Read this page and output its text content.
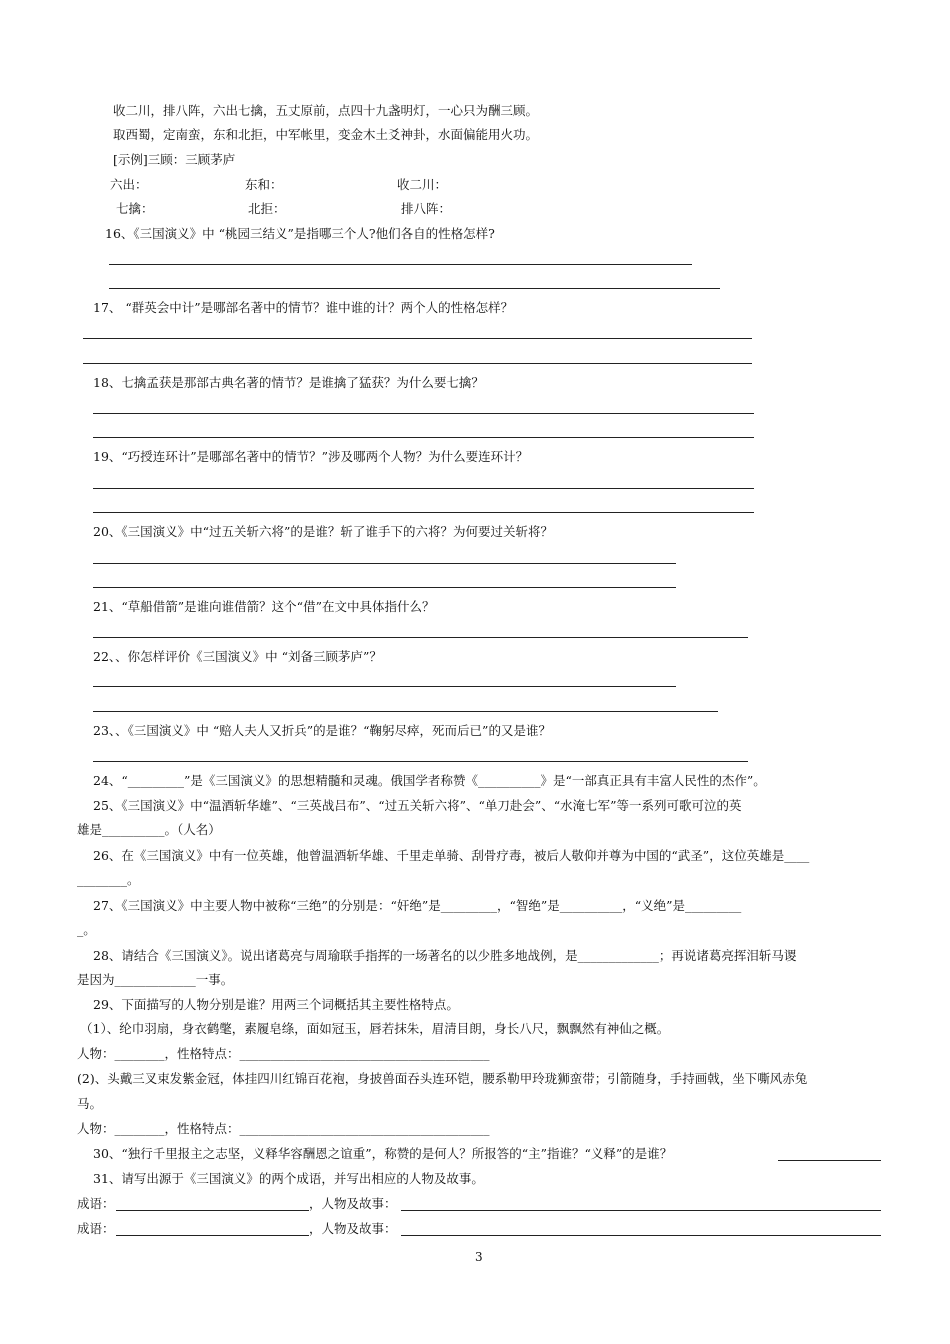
收二川，排八阵，六出七擒，五丈原前，点四十九盏明灯，一心只为酬三顾。
取西蜀，定南蛮，东和北拒，中军帐里，变金木土爻神卦，水面偏能用火功。
[示例]三顾：三顾茅庐
六出：	东和：	收二川：
七擒：	北拒：	排八阵：
16、《三国演义》中 “桃园三结义”是指哪三个人?他们各自的性格怎样?
17、 “群英会中计”是哪部名著中的情节？谁中谁的计？两个人的性格怎样？
18、七擒孟获是那部古典名著的情节？是谁擒了猛获？为什么要七擒？
19、“巧授连环计”是哪部名著中的情节？”涉及哪两个人物？为什么要连环计？
20、《三国演义》中“过五关斩六将”的是谁？斩了谁手下的六将？为何要过关斩将？
21、“草船借箭”是谁向谁借箭？这个“借”在文中具体指什么？
22、、你怎样评价《三国演义》中 “刘备三顾茅庐”？
23、、《三国演义》中 “赔人夫人又折兵”的是谁？“鞠躬尽瘁，死而后已”的又是谁？
24、“_________”是《三国演义》的思想精髓和灵魂。俄国学者称赞《__________》是“一部真正具有丰富人民性的杰作”。
25、《三国演义》中“温酒斩华雄”、“三英战吕布”、“过五关斩六将”、“单刀赴会”、“水淹七军”等一系列可歌可泣的英
雄是__________。（人名）
26、在《三国演义》中有一位英雄，他曾温酒斩华雄、千里走单骑、刮骨疗毒，被后人敬仰并尊为中国的“武圣”，这位英雄是____
________。
27、《三国演义》中主要人物中被称“三绝”的分别是：“奸绝”是_________，“智绝”是__________，“义绝”是_________
_。
28、请结合《三国演义》。说出诸葛亮与周瑜联手指挥的一场著名的以少胜多地战例，是_____________；再说诸葛亮挥泪斩马谡
是因为_____________一事。
29、下面描写的人物分别是谁？用两三个词概括其主要性格特点。
（1）、纶巾羽扇，身衣鹤氅，素履皂绦，面如冠玉，唇若抹朱，眉清目朗，身长八尺，飘飘然有神仙之概。
人物：________，性格特点：________________________________________
(2)、头戴三叉束发紫金冠，体挂四川红锦百花袍，身披兽面吞头连环铠，腰系勒甲玲珑狮蛮带；引箭随身，手持画戟，坐下嘶风赤兔
马。
人物：________，性格特点：________________________________________
30、“独行千里报主之志坚，义释华容酬恩之谊重”，称赞的是何人？所报答的“主”指谁？“义释”的是谁？
31、请写出源于《三国演义》的两个成语，并写出相应的人物及故事。
成语：	，人物及故事：
成语：	，人物及故事：
3
